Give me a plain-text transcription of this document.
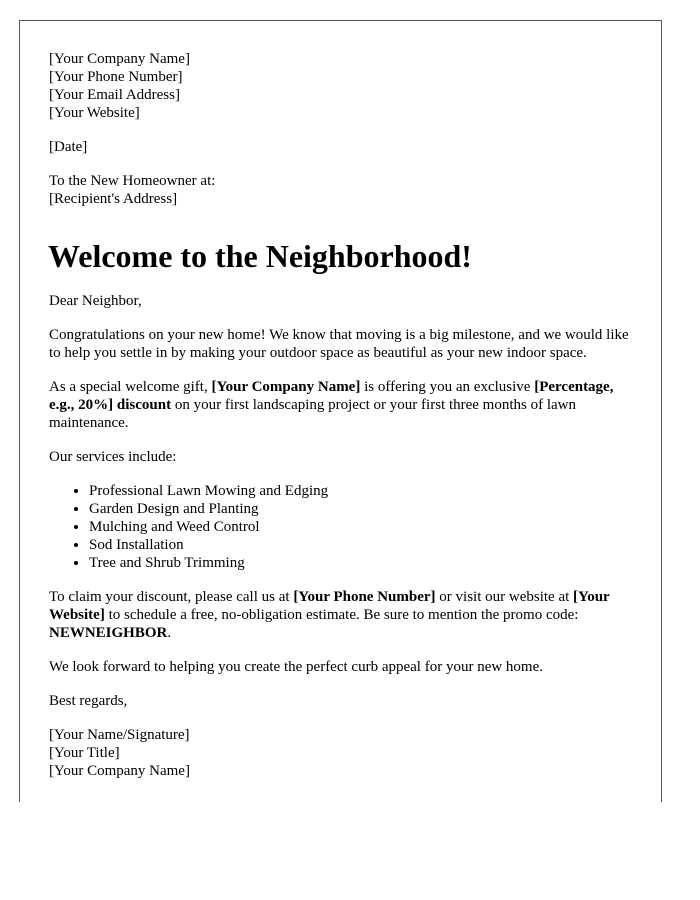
[Your Company Name]
[Your Phone Number]
[Your Email Address]
[Your Website]
[Date]
To the New Homeowner at:
[Recipient's Address]
Welcome to the Neighborhood!

Dear Neighbor,

Congratulations on your new home! We know that moving is a big milestone, and we would like to help you settle in by making your outdoor space as beautiful as your new indoor space.

As a special welcome gift, [Your Company Name] is offering you an exclusive [Percentage, e.g., 20%] discount on your first landscaping project or your first three months of lawn maintenance.

Our services include:

• Professional Lawn Mowing and Edging
• Garden Design and Planting
• Mulching and Weed Control
• Sod Installation
• Tree and Shrub Trimming

To claim your discount, please call us at [Your Phone Number] or visit our website at [Your Website] to schedule a free, no-obligation estimate. Be sure to mention the promo code: NEWNEIGHBOR.

We look forward to helping you create the perfect curb appeal for your new home.

Best regards,

[Your Name/Signature]
[Your Title]
[Your Company Name]
